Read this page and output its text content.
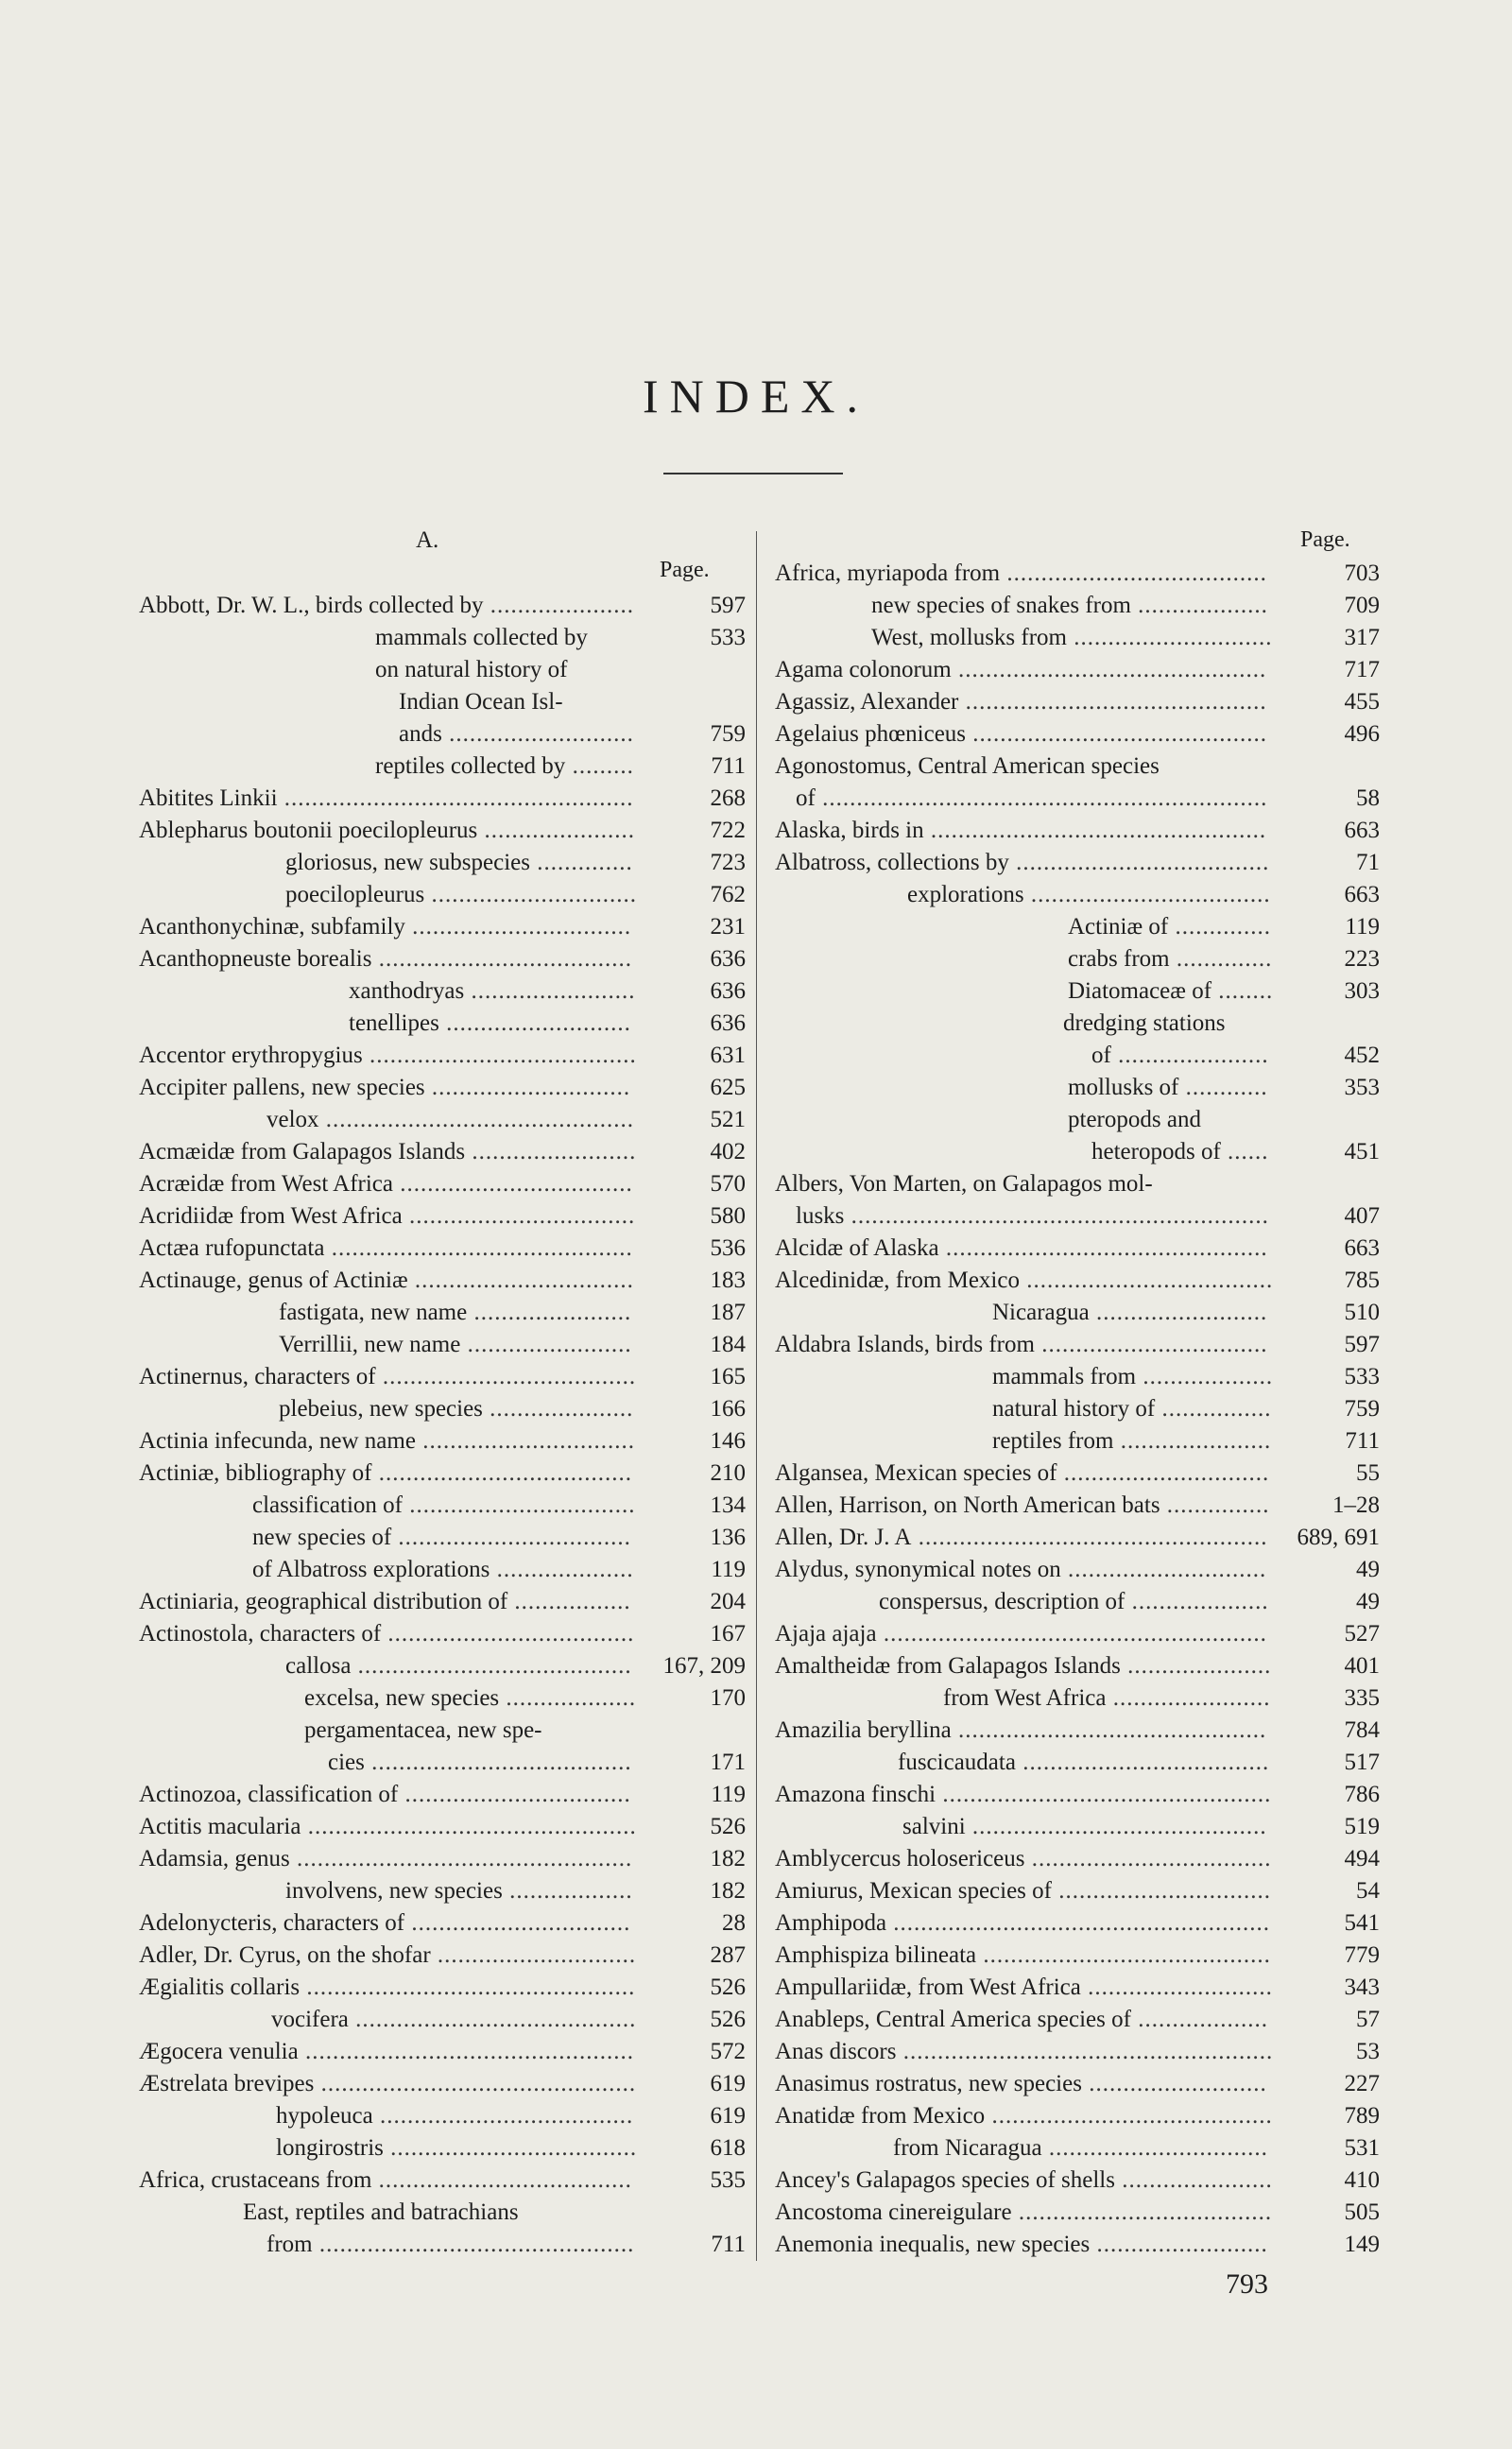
INDEX.
A.
Page.
Page.
Abbott, Dr. W. L., birds collected by .....................	597
mammals collected by	533
on natural history of
Indian Ocean Isl-
ands ...........................	759
reptiles collected by .........	711
Abitites Linkii ...................................................	268
Ablepharus boutonii poecilopleurus ......................	722
gloriosus, new subspecies ..............	723
poecilopleurus ..............................	762
Acanthonychinæ, subfamily ................................	231
Acanthopneuste borealis .....................................	636
xanthodryas ........................	636
tenellipes ...........................	636
Accentor erythropygius .......................................	631
Accipiter pallens, new species .............................	625
velox .............................................	521
Acmæidæ from Galapagos Islands ........................	402
Acræidæ from West Africa ..................................	570
Acridiidæ from West Africa .................................	580
Actæa rufopunctata ............................................	536
Actinauge, genus of Actiniæ ................................	183
fastigata, new name .......................	187
Verrillii, new name ........................	184
Actinernus, characters of .....................................	165
plebeius, new species .....................	166
Actinia infecunda, new name ...............................	146
Actiniæ, bibliography of .....................................	210
classification of .................................	134
new species of ..................................	136
of Albatross explorations ....................	119
Actiniaria, geographical distribution of .................	204
Actinostola, characters of ....................................	167
callosa ........................................ 167, 209
excelsa, new species ...................	170
pergamentacea, new spe-
cies ......................................	171
Actinozoa, classification of .................................	119
Actitis macularia ................................................	526
Adamsia, genus .................................................	182
involvens, new species ..................	182
Adelonycteris, characters of ................................	28
Adler, Dr. Cyrus, on the shofar .............................	287
Ægialitis collaris ................................................	526
vocifera .........................................	526
Ægocera venulia ................................................	572
Æstrelata brevipes ..............................................	619
hypoleuca .....................................	619
longirostris ....................................	618
Africa, crustaceans from .....................................	535
East, reptiles and batrachians
from ..............................................	711
Africa, myriapoda from ......................................	703
new species of snakes from ...................	709
West, mollusks from .............................	317
Agama colonorum .............................................	717
Agassiz, Alexander ............................................	455
Agelaius phœniceus ...........................................	496
Agonostomus, Central American species
of .................................................................	58
Alaska, birds in .................................................	663
Albatross, collections by .....................................	71
explorations ...................................	663
Actiniæ of ..............	119
crabs from ..............	223
Diatomaceæ of ........	303
dredging stations
of ......................	452
mollusks of ............	353
pteropods and
heteropods of ......	451
Albers, Von Marten, on Galapagos mol-
lusks .............................................................	407
Alcidæ of Alaska ...............................................	663
Alcedinidæ, from Mexico ....................................	785
Nicaragua .........................	510
Aldabra Islands, birds from .................................	597
mammals from ...................	533
natural history of ................	759
reptiles from ......................	711
Algansea, Mexican species of ..............................	55
Allen, Harrison, on North American bats ...............	1–28
Allen, Dr. J. A ................................................... 689, 691
Alydus, synonymical notes on .............................	49
conspersus, description of ....................	49
Ajaja ajaja ........................................................	527
Amaltheidæ from Galapagos Islands .....................	401
from West Africa .......................	335
Amazilia beryllina .............................................	784
fuscicaudata ....................................	517
Amazona finschi ................................................	786
salvini ...........................................	519
Amblycercus holosericeus ...................................	494
Amiurus, Mexican species of ...............................	54
Amphipoda .......................................................	541
Amphispiza bilineata ..........................................	779
Ampullariidæ, from West Africa ...........................	343
Anableps, Central America species of ...................	57
Anas discors ......................................................	53
Anasimus rostratus, new species ..........................	227
Anatidæ from Mexico .........................................	789
from Nicaragua ................................	531
Ancey's Galapagos species of shells ......................	410
Ancostoma cinereigulare .....................................	505
Anemonia inequalis, new species .........................	149
793
